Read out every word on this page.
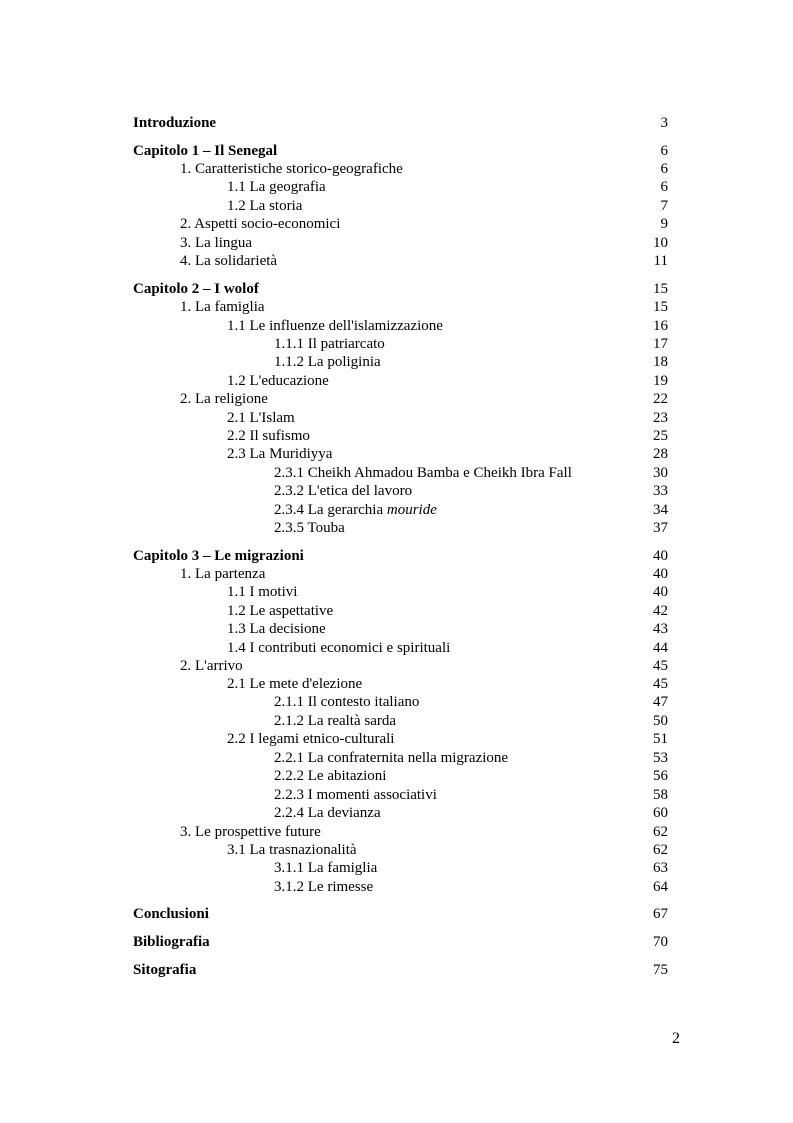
Introduzione	3
Capitolo 1 – Il Senegal	6
1. Caratteristiche storico-geografiche	6
1.1 La geografia	6
1.2 La storia	7
2. Aspetti socio-economici	9
3. La lingua	10
4. La solidarietà	11
Capitolo 2 – I wolof	15
1. La famiglia	15
1.1 Le influenze dell'islamizzazione	16
1.1.1 Il patriarcato	17
1.1.2 La poliginia	18
1.2 L'educazione	19
2. La religione	22
2.1 L'Islam	23
2.2 Il sufismo	25
2.3 La Muridiyya	28
2.3.1 Cheikh Ahmadou Bamba e Cheikh Ibra Fall	30
2.3.2 L'etica del lavoro	33
2.3.4 La gerarchia mouride	34
2.3.5 Touba	37
Capitolo 3 – Le migrazioni	40
1. La partenza	40
1.1 I motivi	40
1.2 Le aspettative	42
1.3 La decisione	43
1.4 I contributi economici e spirituali	44
2. L'arrivo	45
2.1 Le mete d'elezione	45
2.1.1 Il contesto italiano	47
2.1.2 La realtà sarda	50
2.2 I legami etnico-culturali	51
2.2.1 La confraternita nella migrazione	53
2.2.2 Le abitazioni	56
2.2.3 I momenti associativi	58
2.2.4 La devianza	60
3. Le prospettive future	62
3.1 La trasnazionalità	62
3.1.1 La famiglia	63
3.1.2 Le rimesse	64
Conclusioni	67
Bibliografia	70
Sitografia	75
2
